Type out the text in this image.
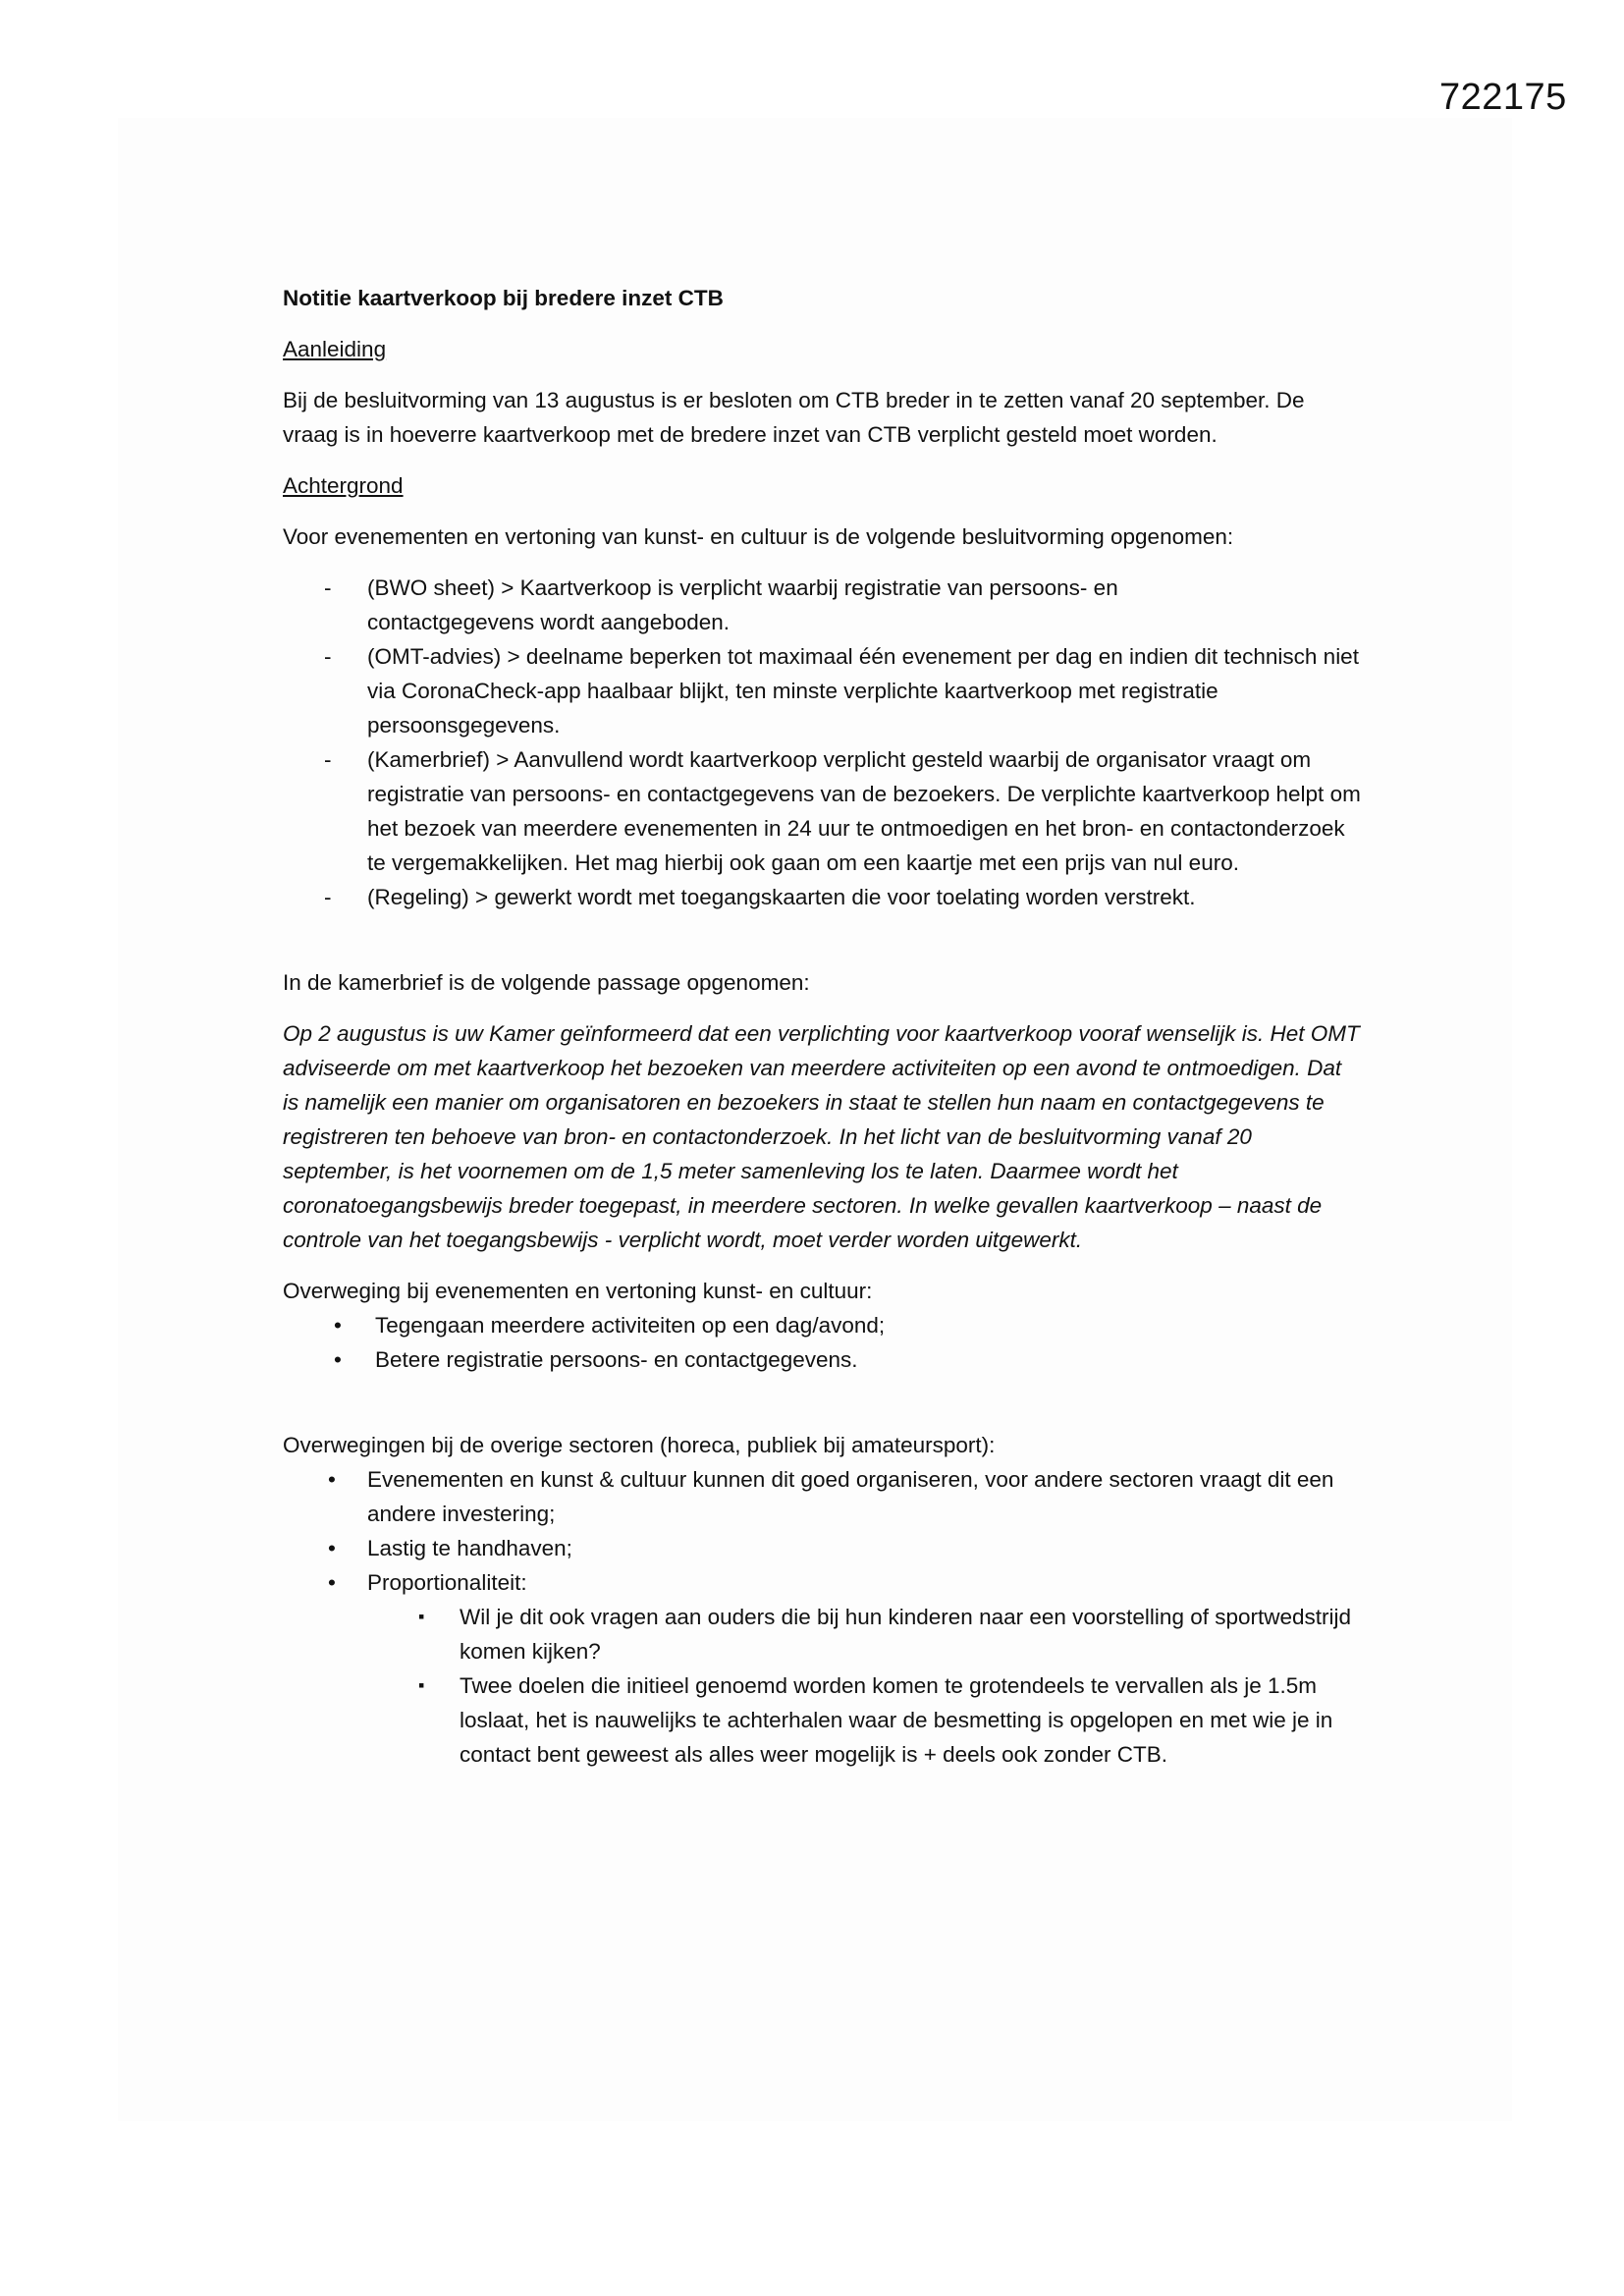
722175
Notitie kaartverkoop bij bredere inzet CTB
Aanleiding
Bij de besluitvorming van 13 augustus is er besloten om CTB breder in te zetten vanaf 20 september. De vraag is in hoeverre kaartverkoop met de bredere inzet van CTB verplicht gesteld moet worden.
Achtergrond
Voor evenementen en vertoning van kunst- en cultuur is de volgende besluitvorming opgenomen:
- (BWO sheet) > Kaartverkoop is verplicht waarbij registratie van persoons- en contactgegevens wordt aangeboden.
- (OMT-advies) > deelname beperken tot maximaal één evenement per dag en indien dit technisch niet via CoronaCheck-app haalbaar blijkt, ten minste verplichte kaartverkoop met registratie persoonsgegevens.
- (Kamerbrief) > Aanvullend wordt kaartverkoop verplicht gesteld waarbij de organisator vraagt om registratie van persoons- en contactgegevens van de bezoekers. De verplichte kaartverkoop helpt om het bezoek van meerdere evenementen in 24 uur te ontmoedigen en het bron- en contactonderzoek te vergemakkelijken. Het mag hierbij ook gaan om een kaartje met een prijs van nul euro.
- (Regeling) > gewerkt wordt met toegangskaarten die voor toelating worden verstrekt.
In de kamerbrief is de volgende passage opgenomen:
Op 2 augustus is uw Kamer geïnformeerd dat een verplichting voor kaartverkoop vooraf wenselijk is. Het OMT adviseerde om met kaartverkoop het bezoeken van meerdere activiteiten op een avond te ontmoedigen. Dat is namelijk een manier om organisatoren en bezoekers in staat te stellen hun naam en contactgegevens te registreren ten behoeve van bron- en contactonderzoek. In het licht van de besluitvorming vanaf 20 september, is het voornemen om de 1,5 meter samenleving los te laten. Daarmee wordt het coronatoegangsbewijs breder toegepast, in meerdere sectoren. In welke gevallen kaartverkoop – naast de controle van het toegangsbewijs - verplicht wordt, moet verder worden uitgewerkt.
Overweging bij evenementen en vertoning kunst- en cultuur:
• Tegengaan meerdere activiteiten op een dag/avond;
• Betere registratie persoons- en contactgegevens.
Overwegingen bij de overige sectoren (horeca, publiek bij amateursport):
• Evenementen en kunst & cultuur kunnen dit goed organiseren, voor andere sectoren vraagt dit een andere investering;
• Lastig te handhaven;
• Proportionaliteit:
▪ Wil je dit ook vragen aan ouders die bij hun kinderen naar een voorstelling of sportwedstrijd komen kijken?
▪ Twee doelen die initieel genoemd worden komen te grotendeels te vervallen als je 1.5m loslaat, het is nauwelijks te achterhalen waar de besmetting is opgelopen en met wie je in contact bent geweest als alles weer mogelijk is + deels ook zonder CTB.
